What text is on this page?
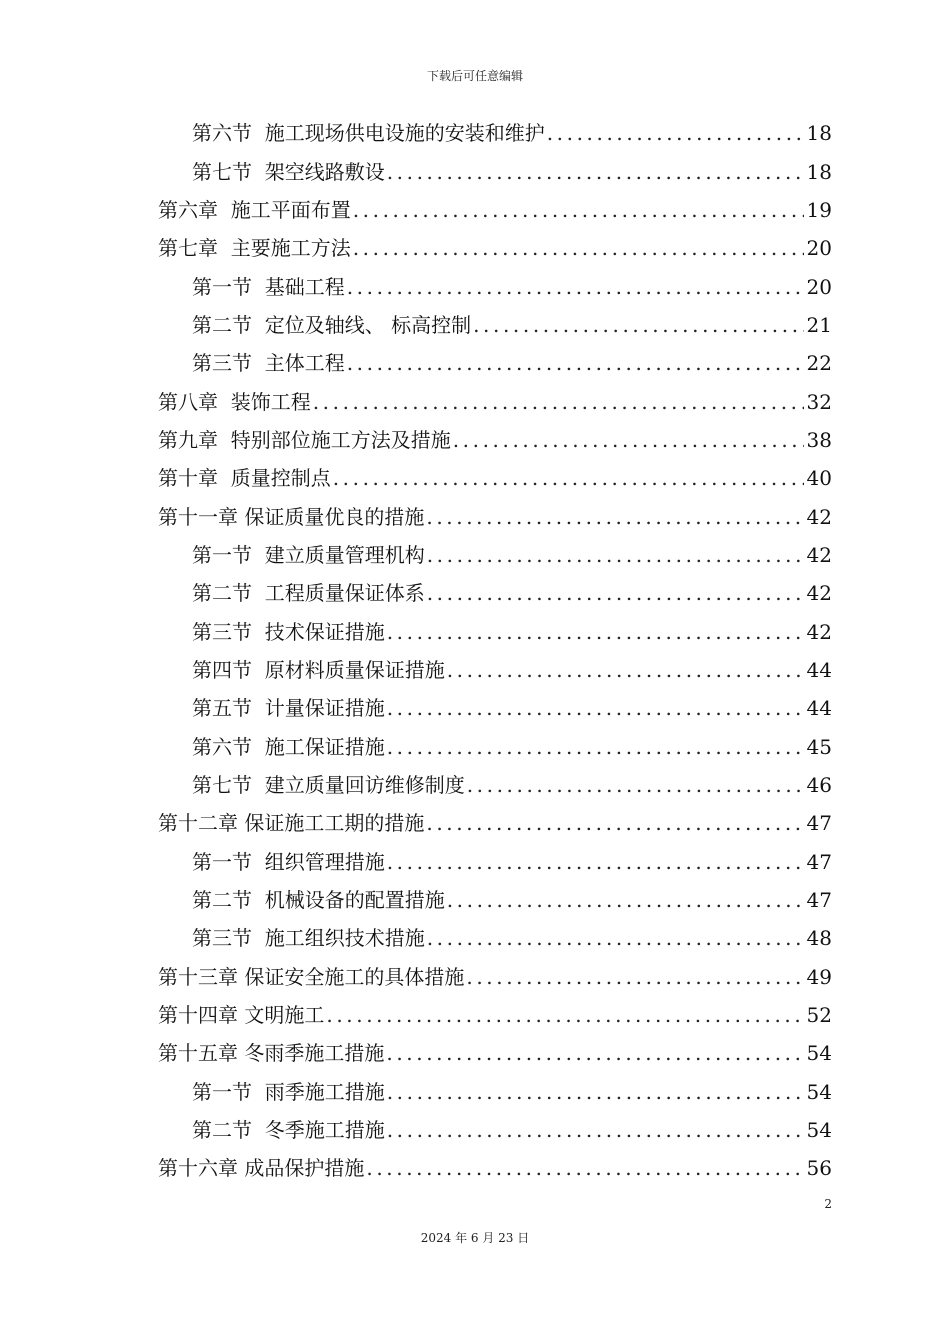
下载后可任意编辑
第六节  施工现场供电设施的安装和维护 .....	18
第七节  架空线路敷设 .....	18
第六章  施工平面布置 .....	19
第七章  主要施工方法 .....	20
第一节  基础工程 .....	20
第二节  定位及轴线、 标高控制 .....	21
第三节  主体工程 .....	22
第八章  装饰工程 .....	32
第九章  特别部位施工方法及措施 .....	38
第十章  质量控制点 .....	40
第十一章 保证质量优良的措施 .....	42
第一节  建立质量管理机构 .....	42
第二节  工程质量保证体系 .....	42
第三节  技术保证措施 .....	42
第四节  原材料质量保证措施 .....	44
第五节  计量保证措施 .....	44
第六节  施工保证措施 .....	45
第七节  建立质量回访维修制度 .....	46
第十二章 保证施工工期的措施 .....	47
第一节  组织管理措施 .....	47
第二节  机械设备的配置措施 .....	47
第三节  施工组织技术措施 .....	48
第十三章 保证安全施工的具体措施 .....	49
第十四章 文明施工 .....	52
第十五章 冬雨季施工措施 .....	54
第一节  雨季施工措施 .....	54
第二节  冬季施工措施 .....	54
第十六章 成品保护措施 .....	56
2
2024 年 6 月 23 日
